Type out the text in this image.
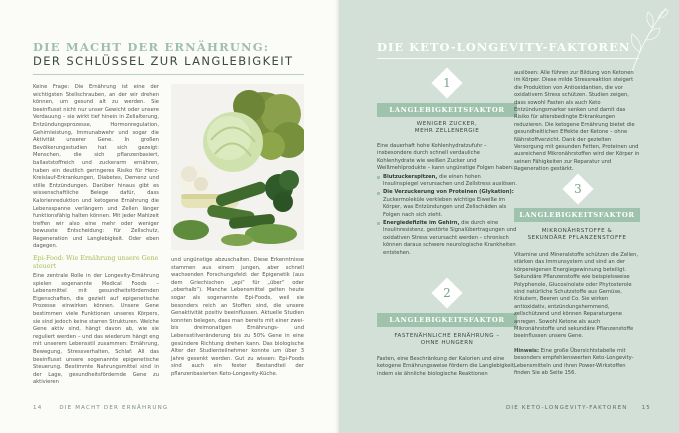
DIE MACHT DER ERNÄHRUNG:
DER SCHLÜSSEL ZUR LANGLEBIGKEIT
Keine Frage: Die Ernährung ist eine der wichtigsten Stellschrauben, an der wir drehen können, um gesund alt zu werden. Sie beeinflusst nicht nur unser Gewicht oder unsere Verdauung – sie wirkt tief hinein in Zellalterung, Entzündungsprozesse, Hormonregulation, Gehirnleistung, Immunabwehr und sogar die Aktivität unserer Gene. In großen Bevölkerungsstudien hat sich gezeigt: Menschen, die sich pflanzenbasiert, ballaststoffreich und zuckerarm ernähren, haben ein deutlich geringeres Risiko für Herz-Kreislauf-Erkrankungen, Diabetes, Demenz und stille Entzündungen. Darüber hinaus gibt es wissenschaftliche Belege dafür, dass Kalorienreduktion und ketogene Ernährung die Lebensspanne verlängern und Zellen länger funktionsfähig halten können. Mit jeder Mahlzeit treffen wir also eine mehr oder weniger bewusste Entscheidung: für Zellschutz, Regeneration und Langlebigkeit. Oder eben dagegen.
Epi-Food: Wie Ernährung unsere Gene steuert
Eine zentrale Rolle in der Longevity-Ernährung spielen sogenannte Medical Foods – Lebensmittel mit gesundheitsfördernden Eigenschaften, die gezielt auf epigenetische Prozesse einwirken können. Unsere Gene bestimmen viele Funktionen unseres Körpers, sie sind jedoch keine starren Strukturen. Welche Gene aktiv sind, hängt davon ab, wie sie reguliert werden – und das wiederum hängt eng mit unserem Lebensstil zusammen: Ernährung, Bewegung, Stressverhalten, Schlaf: All das beeinflusst unsere sogenannte epigenetische Steuerung. Bestimmte Nahrungsmittel sind in der Lage, gesundheitsfördernde Gene zu aktivieren
und ungünstige abzuschalten. Diese Erkenntnisse stammen aus einem jungen, aber schnell wachsenden Forschungsfeld: der Epigenetik (aus dem Griechischen „epi“ für „über“ oder „oberhalb“). Manche Lebensmittel gelten heute sogar als sogenannte Epi-Foods, weil sie besonders reich an Stoffen sind, die unsere Genaktivität positiv beeinflussen. Aktuelle Studien konnten belegen, dass man bereits mit einer zwei- bis dreimonatigen Ernährungs- und Lebensstilveränderung bis zu 50% Gene in eine gesündere Richtung drehen kann. Das biologische Alter der Studienteilnehmer konnte um über 3 Jahre gesenkt werden. Gut zu wissen: Epi-Foods sind auch ein fester Bestandteil der pflanzenbasierten Keto-Longevity-Küche.
14	DIE MACHT DER ERNÄHRUNG
DIE KETO-LONGEVITY-FAKTOREN
1
LANGLEBIGKEITSFAKTOR
WENIGER ZUCKER,
MEHR ZELLENERGIE

Eine dauerhaft hohe Kohlenhydratzufuhr – insbesondere durch schnell verdauliche Kohlenhydrate wie weißen Zucker und Weißmehlprodukte – kann ungünstige Folgen haben:

Blutzuckerspitzen, die einen hohen Insulinspiegel verursachen und Zellstress auslösen.

Die Verzuckerung von Proteinen (Glykation): Zuckermoleküle verkleben wichtige Eiweiße im Körper, was Entzündungen und Zellschäden als Folgen nach sich zieht.

Energiedefizite im Gehirn, die durch eine Insulinresistenz, gestörte Signalübertragungen und oxidativen Stress verursacht werden – chronisch können daraus schwere neurologische Krankheiten entstehen.

2
LANGLEBIGKEITSFAKTOR
FASTENÄHNLICHE ERNÄHRUNG –
OHNE HUNGERN
Fasten, eine Beschränkung der Kalorien und eine ketogene Ernährungsweise fördern die Langlebigkeit, indem sie ähnliche biologische Reaktionen
auslösen: Alle führen zur Bildung von Ketonen im Körper. Diese milde Stressreaktion steigert die Produktion von Antioxidantien, die vor oxidativem Stress schützen. Studien zeigen, dass sowohl Fasten als auch Keto Entzündungsmarker senken und damit das Risiko für altersbedingte Erkrankungen reduzieren. Die ketogene Ernährung bietet die gesundheitlichen Effekte der Ketone – ohne Nährstoffverzicht. Dank der gezielten Versorgung mit gesunden Fetten, Proteinen und ausreichend Mikronährstoffen wird der Körper in seinen Fähigkeiten zur Reparatur und Regeneration gestärkt.
3
LANGLEBIGKEITSFAKTOR
MIKRONÄHRSTOFFE &
SEKUNDÄRE PFLANZENSTOFFE
Vitamine und Mineralstoffe schützen die Zellen, stärken das Immunsystem und sind an der körpereigenen Energiegewinnung beteiligt. Sekundäre Pflanzenstoffe wie beispielsweise Polyphenole, Glucosinolate oder Phytosterole sind natürliche Schutzstoffe aus Gemüse, Kräutern, Beeren und Co. Sie wirken antioxidativ, entzündungshemmend, zellschützend und können Reparaturgene anregen. Sowohl Ketone als auch Mikronährstoffe und sekundäre Pflanzenstoffe beeinflussen unsere Gene.
Hinweis: Eine große Übersichtstabelle mit besonders empfehlenswerten Keto-Longevity-Lebensmitteln und ihren Power-Wirkstoffen finden Sie ab Seite 156.
DIE KETO-LONGEVITY-FAKTOREN	15
